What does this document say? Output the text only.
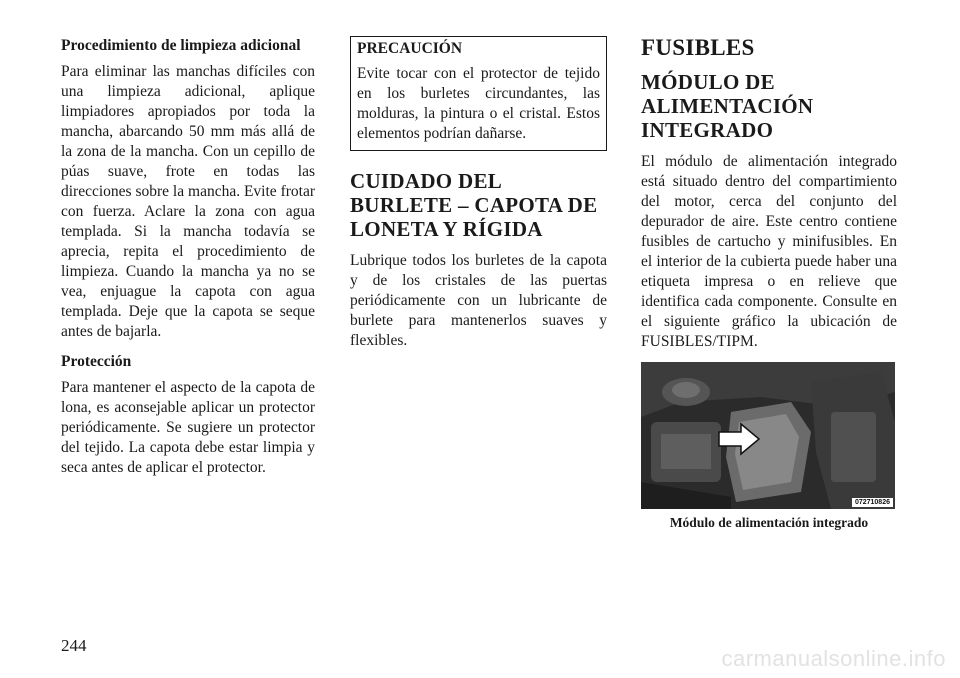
Procedimiento de limpieza adicional

Para eliminar las manchas difíciles con una limpieza adicional, aplique limpiadores apropiados por toda la mancha, abarcando 50 mm más allá de la zona de la mancha. Con un cepillo de púas suave, frote en todas las direcciones sobre la mancha. Evite frotar con fuerza. Aclare la zona con agua templada. Si la mancha todavía se aprecia, repita el procedimiento de limpieza. Cuando la mancha ya no se vea, enjuague la capota con agua templada. Deje que la capota se seque antes de bajarla.

Protección

Para mantener el aspecto de la capota de lona, es aconsejable aplicar un protector periódicamente. Se sugiere un protector del tejido. La capota debe estar limpia y seca antes de aplicar el protector.

PRECAUCIÓN

Evite tocar con el protector de tejido en los burletes circundantes, las molduras, la pintura o el cristal. Estos elementos podrían dañarse.

CUIDADO DEL BURLETE – CAPOTA DE LONETA Y RÍGIDA

Lubrique todos los burletes de la capota y de los cristales de las puertas periódicamente con un lubricante de burlete para mantenerlos suaves y flexibles.

FUSIBLES
MÓDULO DE ALIMENTACIÓN INTEGRADO

El módulo de alimentación integrado está situado dentro del compartimiento del motor, cerca del conjunto del depurador de aire. Este centro contiene fusibles de cartucho y minifusibles. En el interior de la cubierta puede haber una etiqueta impresa o en relieve que identifica cada componente. Consulte en el siguiente gráfico la ubicación de FUSIBLES/TIPM.

072710826
Módulo de alimentación integrado
244
carmanualsonline.info
